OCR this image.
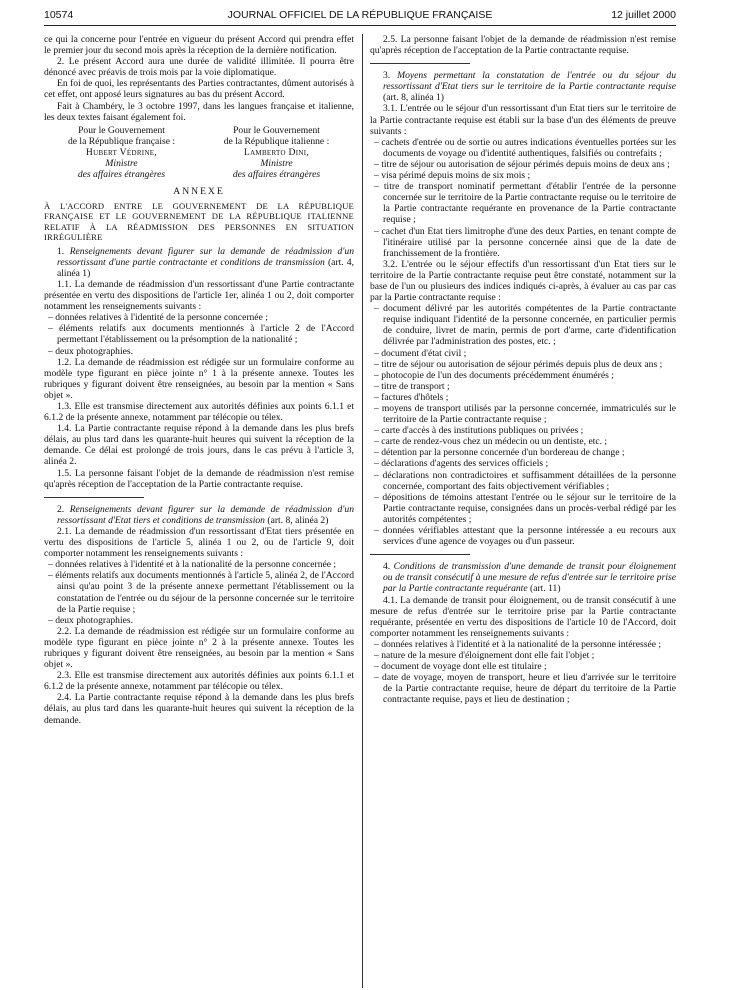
10574	JOURNAL OFFICIEL DE LA RÉPUBLIQUE FRANÇAISE	12 juillet 2000

ce qui la concerne pour l'entrée en vigueur du présent Accord qui prendra effet le premier jour du second mois après la réception de la dernière notification.

2. Le présent Accord aura une durée de validité illimitée. Il pourra être dénoncé avec préavis de trois mois par la voie diplomatique.

En foi de quoi, les représentants des Parties contractantes, dûment autorisés à cet effet, ont apposé leurs signatures au bas du présent Accord.

Fait à Chambéry, le 3 octobre 1997, dans les langues française et italienne, les deux textes faisant également foi.

Pour le Gouvernement
de la République française :
Hubert Védrine,
Ministre
des affaires étrangères
Pour le Gouvernement
de la République italienne :
Lamberto Dini,
Ministre
des affaires étrangères
ANNEXE

À L'ACCORD ENTRE LE GOUVERNEMENT DE LA RÉPUBLIQUE FRANÇAISE ET LE GOUVERNEMENT DE LA RÉPUBLIQUE ITALIENNE RELATIF À LA RÉADMISSION DES PERSONNES EN SITUATION IRRÉGULIÈRE

1. Renseignements devant figurer sur la demande de réadmission d'un ressortissant d'une partie contractante et conditions de transmission (art. 4, alinéa 1)

1.1. La demande de réadmission d'un ressortissant d'une Partie contractante présentée en vertu des dispositions de l'article 1er, alinéa 1 ou 2, doit comporter notamment les renseignements suivants :

– données relatives à l'identité de la personne concernée ;
– éléments relatifs aux documents mentionnés à l'article 2 de l'Accord permettant l'établissement ou la présomption de la nationalité ;
– deux photographies.

1.2. La demande de réadmission est rédigée sur un formulaire conforme au modèle type figurant en pièce jointe n° 1 à la présente annexe. Toutes les rubriques y figurant doivent être renseignées, au besoin par la mention « Sans objet ».

1.3. Elle est transmise directement aux autorités définies aux points 6.1.1 et 6.1.2 de la présente annexe, notamment par télécopie ou télex.

1.4. La Partie contractante requise répond à la demande dans les plus brefs délais, au plus tard dans les quarante-huit heures qui suivent la réception de la demande. Ce délai est prolongé de trois jours, dans le cas prévu à l'article 3, alinéa 2.

1.5. La personne faisant l'objet de la demande de réadmission n'est remise qu'après réception de l'acceptation de la Partie contractante requise.

2. Renseignements devant figurer sur la demande de réadmission d'un ressortissant d'Etat tiers et conditions de transmission (art. 8, alinéa 2)

2.1. La demande de réadmission d'un ressortissant d'Etat tiers présentée en vertu des dispositions de l'article 5, alinéa 1 ou 2, ou de l'article 9, doit comporter notamment les renseignements suivants :

– données relatives à l'identité et à la nationalité de la personne concernée ;
– éléments relatifs aux documents mentionnés à l'article 5, alinéa 2, de l'Accord ainsi qu'au point 3 de la présente annexe permettant l'établissement ou la constatation de l'entrée ou du séjour de la personne concernée sur le territoire de la Partie requise ;
– deux photographies.

2.2. La demande de réadmission est rédigée sur un formulaire conforme au modèle type figurant en pièce jointe n° 2 à la présente annexe. Toutes les rubriques y figurant doivent être renseignées, au besoin par la mention « Sans objet ».

2.3. Elle est transmise directement aux autorités définies aux points 6.1.1 et 6.1.2 de la présente annexe, notamment par télécopie ou télex.

2.4. La Partie contractante requise répond à la demande dans les plus brefs délais, au plus tard dans les quarante-huit heures qui suivent la réception de la demande.

2.5. La personne faisant l'objet de la demande de réadmission n'est remise qu'après réception de l'acceptation de la Partie contractante requise.

3. Moyens permettant la constatation de l'entrée ou du séjour du ressortissant d'Etat tiers sur le territoire de la Partie contractante requise (art. 8, alinéa 1)

3.1. L'entrée ou le séjour d'un ressortissant d'un Etat tiers sur le territoire de la Partie contractante requise est établi sur la base d'un des éléments de preuve suivants :

– cachets d'entrée ou de sortie ou autres indications éventuelles portées sur les documents de voyage ou d'identité authentiques, falsifiés ou contrefaits ;
– titre de séjour ou autorisation de séjour périmés depuis moins de deux ans ;
– visa périmé depuis moins de six mois ;
– titre de transport nominatif permettant d'établir l'entrée de la personne concernée sur le territoire de la Partie contractante requise ou le territoire de la Partie contractante requérante en provenance de la Partie contractante requise ;
– cachet d'un Etat tiers limitrophe d'une des deux Parties, en tenant compte de l'itinéraire utilisé par la personne concernée ainsi que de la date de franchissement de la frontière.

3.2. L'entrée ou le séjour effectifs d'un ressortissant d'un Etat tiers sur le territoire de la Partie contractante requise peut être constaté, notamment sur la base de l'un ou plusieurs des indices indiqués ci-après, à évaluer au cas par cas par la Partie contractante requise :

– document délivré par les autorités compétentes de la Partie contractante requise indiquant l'identité de la personne concernée, en particulier permis de conduire, livret de marin, permis de port d'arme, carte d'identification délivrée par l'administration des postes, etc. ;
– document d'état civil ;
– titre de séjour ou autorisation de séjour périmés depuis plus de deux ans ;
– photocopie de l'un des documents précédemment énumérés ;
– titre de transport ;
– factures d'hôtels ;
– moyens de transport utilisés par la personne concernée, immatriculés sur le territoire de la Partie contractante requise ;
– carte d'accès à des institutions publiques ou privées ;
– carte de rendez-vous chez un médecin ou un dentiste, etc. ;
– détention par la personne concernée d'un bordereau de change ;
– déclarations d'agents des services officiels ;
– déclarations non contradictoires et suffisamment détaillées de la personne concernée, comportant des faits objectivement vérifiables ;
– dépositions de témoins attestant l'entrée ou le séjour sur le territoire de la Partie contractante requise, consignées dans un procès-verbal rédigé par les autorités compétentes ;
– données vérifiables attestant que la personne intéressée a eu recours aux services d'une agence de voyages ou d'un passeur.

4. Conditions de transmission d'une demande de transit pour éloignement ou de transit consécutif à une mesure de refus d'entrée sur le territoire prise par la Partie contractante requérante (art. 11)

4.1. La demande de transit pour éloignement, ou de transit consécutif à une mesure de refus d'entrée sur le territoire prise par la Partie contractante requérante, présentée en vertu des dispositions de l'article 10 de l'Accord, doit comporter notamment les renseignements suivants :

– données relatives à l'identité et à la nationalité de la personne intéressée ;
– nature de la mesure d'éloignement dont elle fait l'objet ;
– document de voyage dont elle est titulaire ;
– date de voyage, moyen de transport, heure et lieu d'arrivée sur le territoire de la Partie contractante requise, heure de départ du territoire de la Partie contractante requise, pays et lieu de destination ;
